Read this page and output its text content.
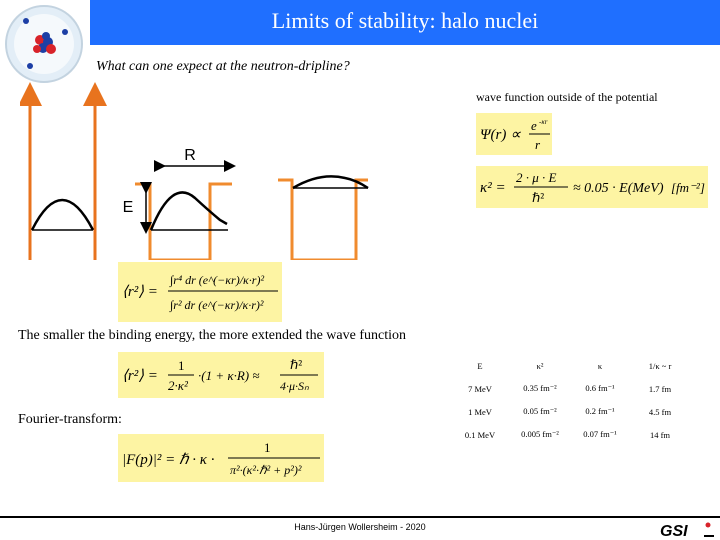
Limits of stability: halo nuclei
What can one expect at the neutron-dripline?
R
E
wave function outside of the potential
Ψ(r) ∝
e -κr
r
κ² =
2 · μ · E
ℏ²
≈ 0.05 · E(MeV) [fm⁻²]
⟨r²⟩ =
∫r⁴ dr (e^(−κr)/κ·r)²
∫r² dr (e^(−κr)/κ·r)²
The smaller the binding energy, the more extended the wave function
⟨r²⟩ =
1
2·κ²
·(1 + κ·R) ≈
ℏ²
4·μ·Sₙ
Fourier-transform:
|F(p)|² = ℏ · κ ·
1
π²·(κ²·ℏ² + p²)²
E	κ²	κ	1/κ ~ r
7 MeV	0.35 fm⁻²	0.6 fm⁻¹	1.7 fm
1 MeV	0.05 fm⁻²	0.2 fm⁻¹	4.5 fm
0.1 MeV	0.005 fm⁻²	0.07 fm⁻¹	14 fm
Hans-Jürgen Wollersheim - 2020	GSI
